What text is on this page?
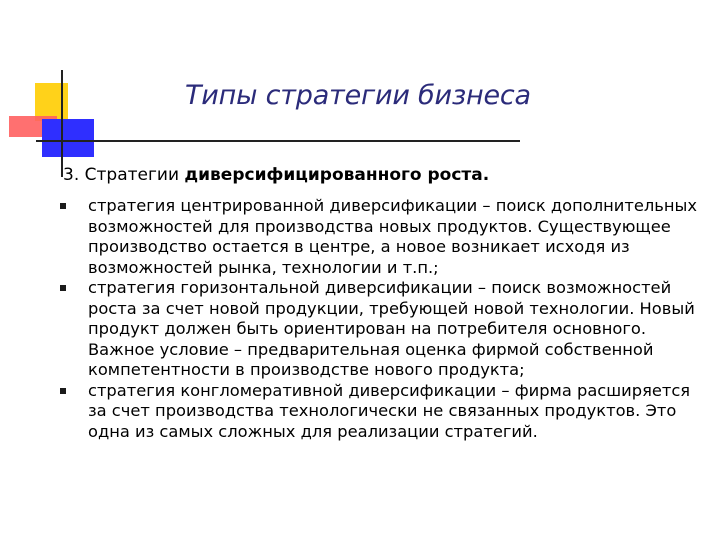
Типы стратегии бизнеса

3. Стратегии диверсифицированного роста.

стратегия центрированной диверсификации – поиск дополнительных возможностей для производства новых продуктов. Существующее производство остается в центре, а новое возникает исходя из возможностей рынка, технологии и т.п.;
стратегия горизонтальной диверсификации – поиск возможностей роста за счет новой продукции, требующей новой технологии. Новый продукт должен быть ориентирован на потребителя основного. Важное условие – предварительная оценка фирмой собственной компетентности в производстве нового продукта;
стратегия конгломеративной диверсификации – фирма расширяется за счет производства технологически не связанных продуктов. Это одна из самых сложных для реализации стратегий.
